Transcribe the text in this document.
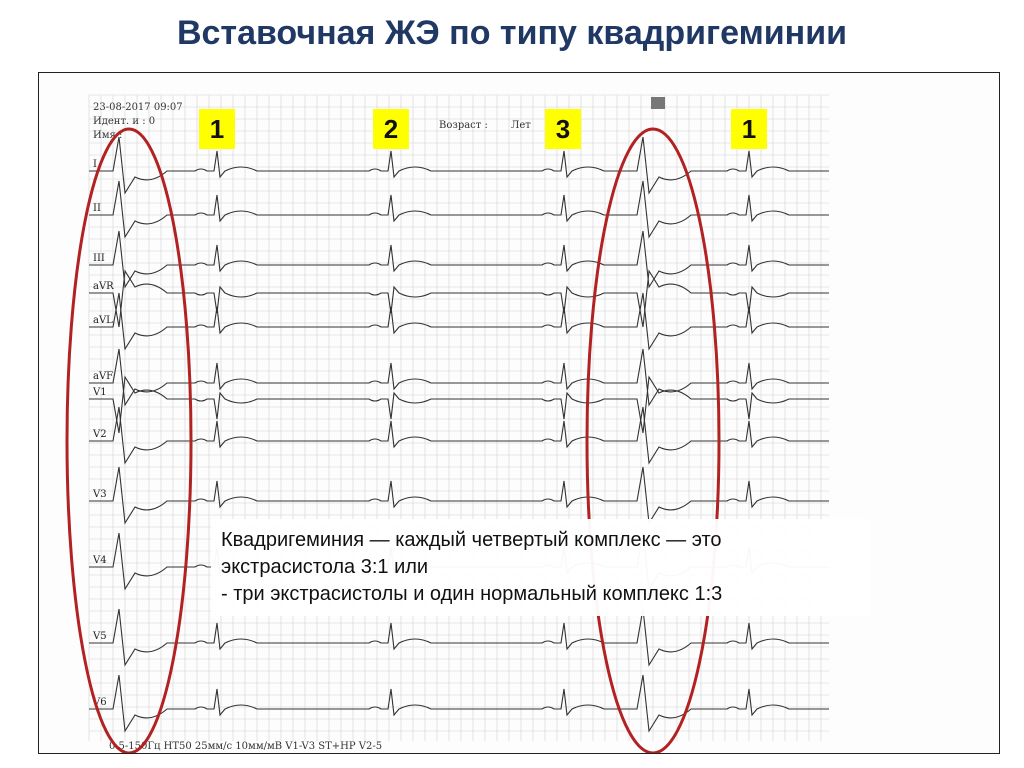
Вставочная ЖЭ по типу квадригеминии
I
II
III
aVR
aVL
aVF
V1
V2
V3
V4
V5
V6
23-08-2017 09:07
Идент. и : 0
Имя :
Возраст : Лет
0.5-150Гц HT50 25мм/с 10мм/мВ V1-V3 ST+HP V2-5
1	2	3	1
Квадригеминия — каждый четвертый комплекс — это
экстрасистола 3:1 или
- три экстрасистолы и один нормальный комплекс 1:3
